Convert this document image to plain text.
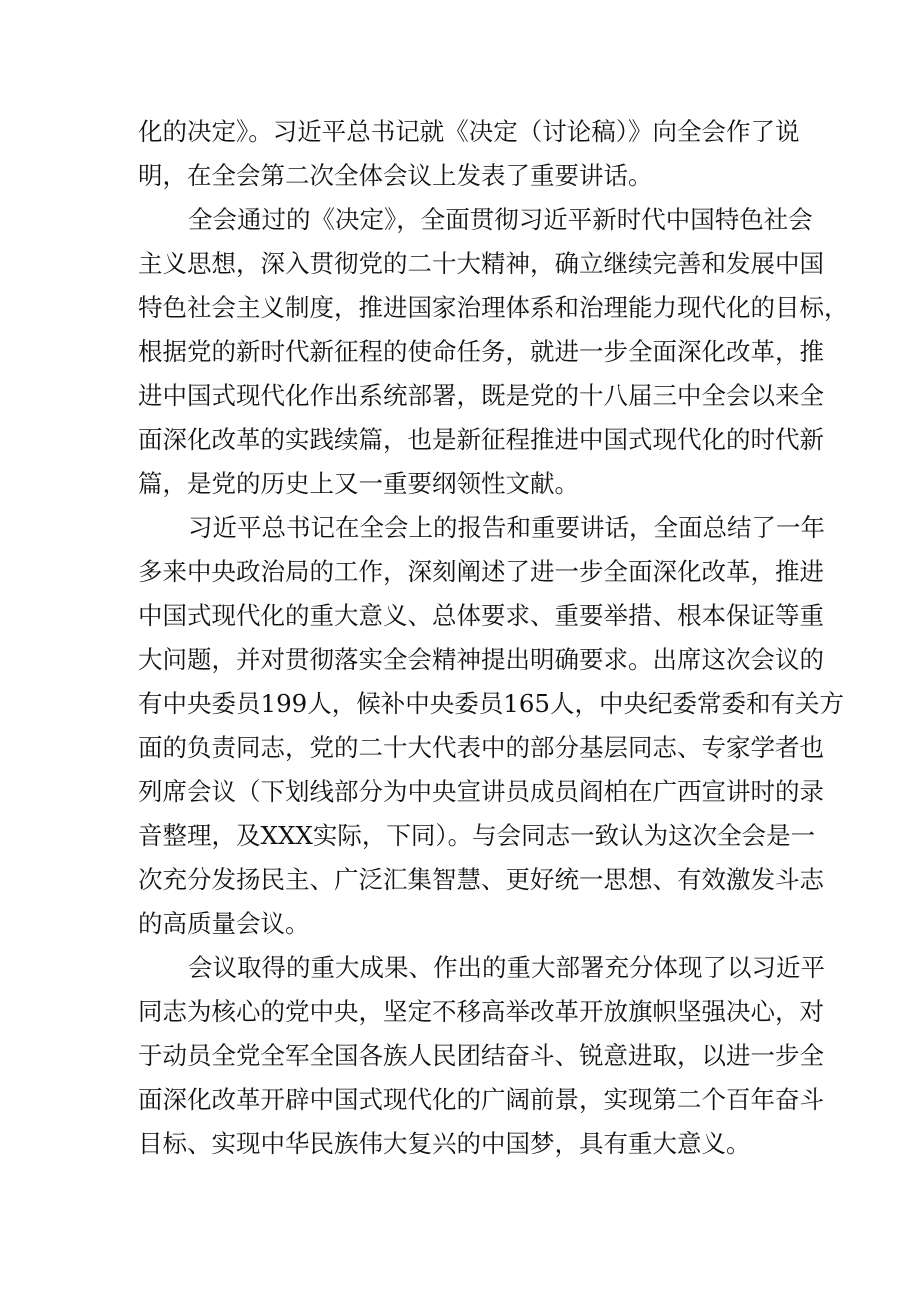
化的决定》。习近平总书记就《决定（讨论稿）》向全会作了说
明，在全会第二次全体会议上发表了重要讲话。
全会通过的《决定》，全面贯彻习近平新时代中国特色社会
主义思想，深入贯彻党的二十大精神，确立继续完善和发展中国
特色社会主义制度，推进国家治理体系和治理能力现代化的目标，
根据党的新时代新征程的使命任务，就进一步全面深化改革，推
进中国式现代化作出系统部署，既是党的十八届三中全会以来全
面深化改革的实践续篇，也是新征程推进中国式现代化的时代新
篇，是党的历史上又一重要纲领性文献。
习近平总书记在全会上的报告和重要讲话，全面总结了一年
多来中央政治局的工作，深刻阐述了进一步全面深化改革，推进
中国式现代化的重大意义、总体要求、重要举措、根本保证等重
大问题，并对贯彻落实全会精神提出明确要求。出席这次会议的
有中央委员199人，候补中央委员165人，中央纪委常委和有关方
面的负责同志，党的二十大代表中的部分基层同志、专家学者也
列席会议（下划线部分为中央宣讲员成员阎柏在广西宣讲时的录
音整理，及XXX实际，下同）。与会同志一致认为这次全会是一
次充分发扬民主、广泛汇集智慧、更好统一思想、有效激发斗志
的高质量会议。
会议取得的重大成果、作出的重大部署充分体现了以习近平
同志为核心的党中央，坚定不移高举改革开放旗帜坚强决心，对
于动员全党全军全国各族人民团结奋斗、锐意进取，以进一步全
面深化改革开辟中国式现代化的广阔前景，实现第二个百年奋斗
目标、实现中华民族伟大复兴的中国梦，具有重大意义。
